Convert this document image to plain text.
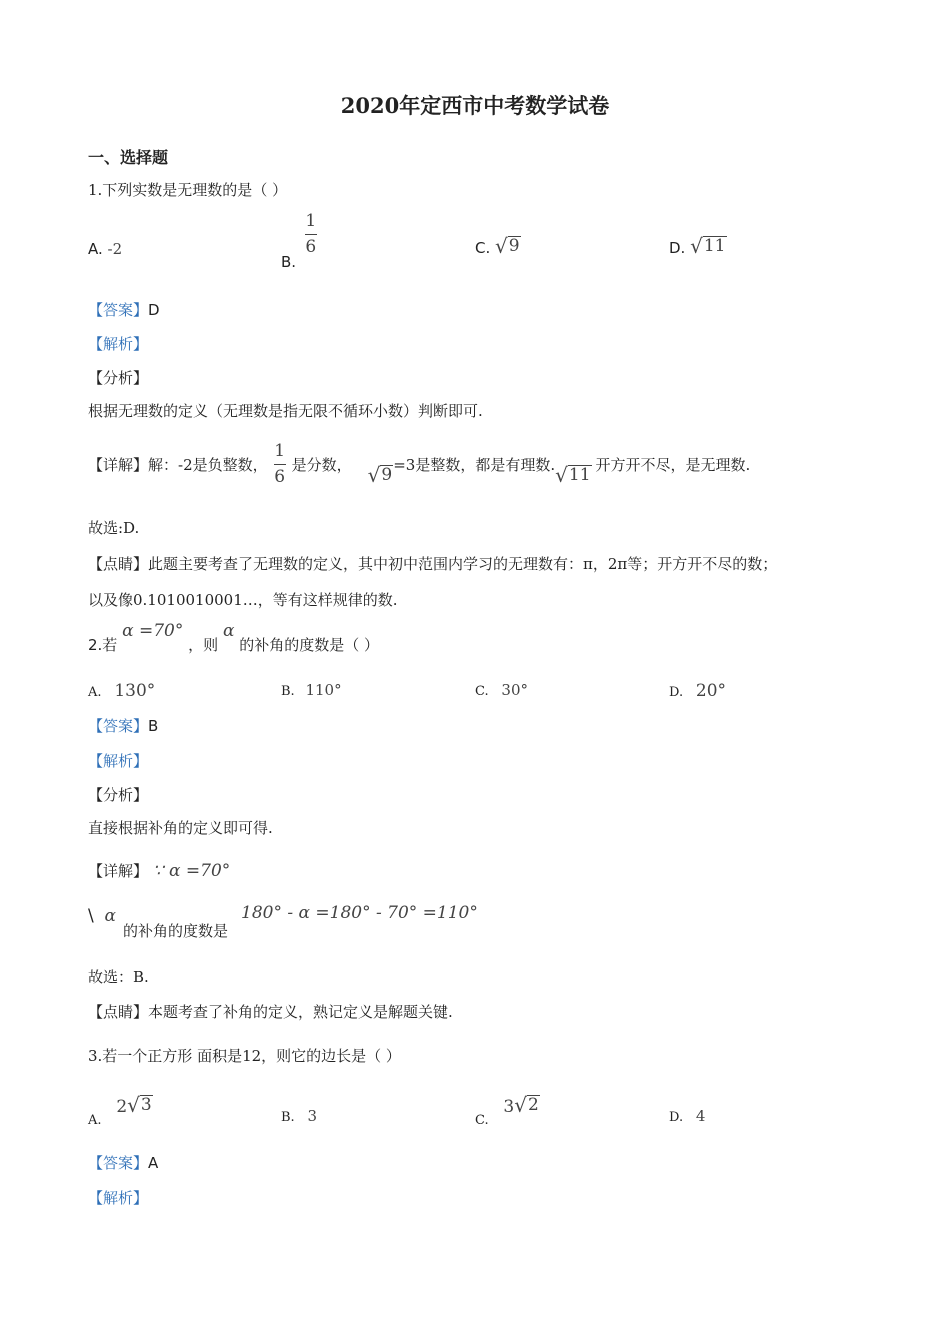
2020年定西市中考数学试卷
一、选择题
1.下列实数是无理数的是（ ）
A. -2
B.
$\frac{1}{6}$	C. √ 9	D. √ 11
【答案】D
【解析】
【分析】
根据无理数的定义（无理数是指无限不循环小数）判断即可.
【详解】 解：-2是负整数， $\frac{1}{6}$ 是分数， √ 9 =3是整数，都是有理数. √ 11 开方开不尽，是无理数.
故选:D.
【点睛】此题主要考查了无理数的定义，其中初中范围内学习的无理数有：π，2π等；开方开不尽的数；
以及像0.1010010001…，等有这样规律的数.
2.若 α =70° ，则 α 的补角的度数是（ ）
A. 130°	B. 110°	C. 30°	D. 20°
【答案】B
【解析】
【分析】
直接根据补角的定义即可得.
【详解】 ∵ α =70°
\ α
的补角的度数是
180° - α =180° - 70° =110°
故选：B.
【点睛】本题考查了补角的定义，熟记定义是解题关键.
3.若一个正方形 面积是12，则它的边长是（ ）
A. 2 √ 3
B. 3	C. 3 √ 2
D. 4
【答案】A
【解析】
